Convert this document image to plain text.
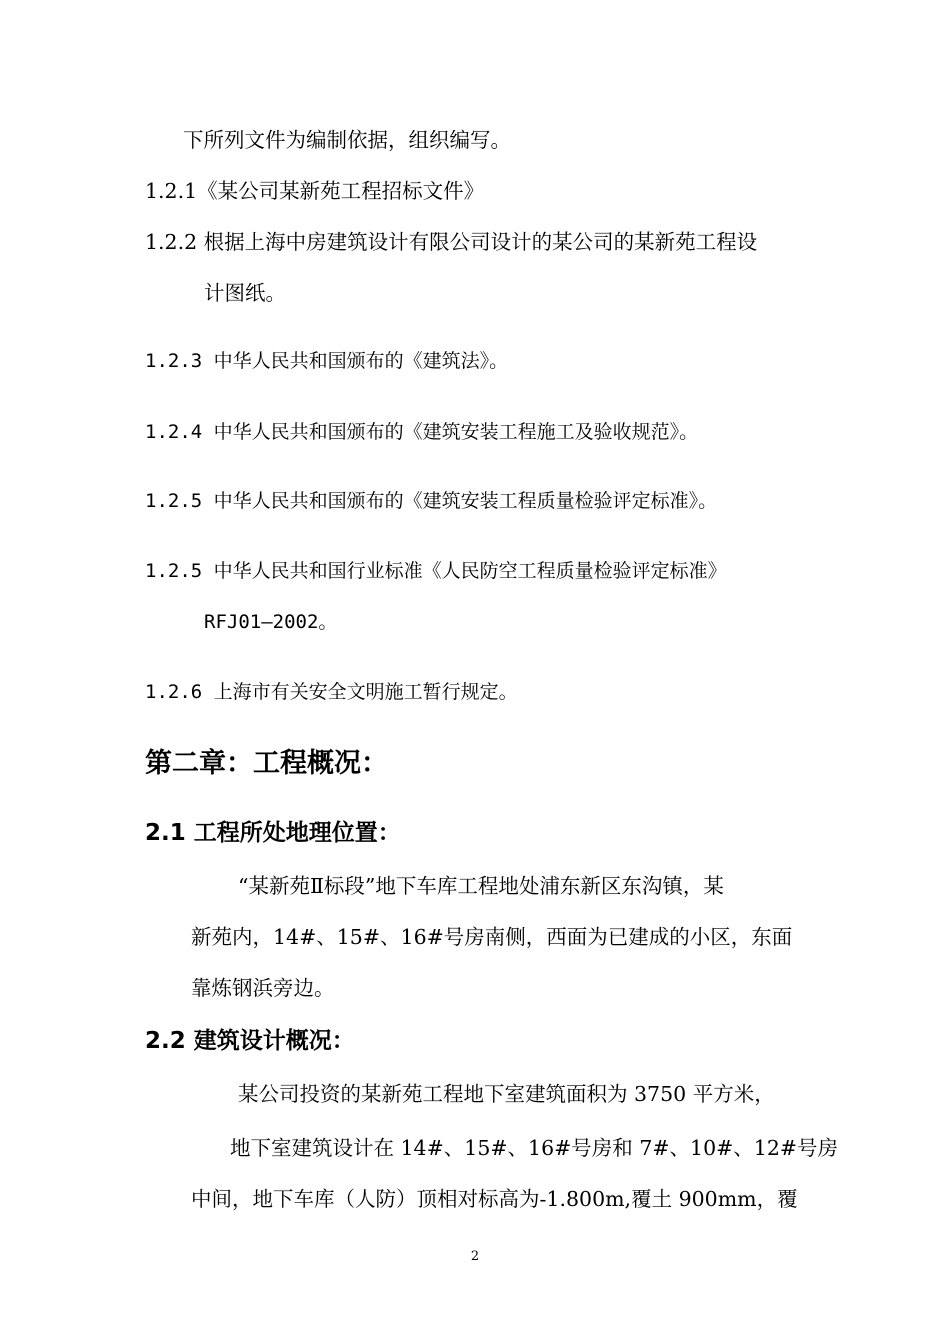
下所列文件为编制依据，组织编写。
1.2.1《某公司某新苑工程招标文件》
1.2.2 根据上海中房建筑设计有限公司设计的某公司的某新苑工程设
计图纸。
1.2.3 中华人民共和国颁布的《建筑法》。
1.2.4 中华人民共和国颁布的《建筑安装工程施工及验收规范》。
1.2.5 中华人民共和国颁布的《建筑安装工程质量检验评定标准》。
1.2.5 中华人民共和国行业标准《人民防空工程质量检验评定标准》
RFJ01—2002。
1.2.6 上海市有关安全文明施工暂行规定。
第二章：工程概况：
2.1 工程所处地理位置：
“某新苑Ⅱ标段”地下车库工程地处浦东新区东沟镇，某
新苑内，14#、15#、16#号房南侧，西面为已建成的小区，东面
靠炼钢浜旁边。
2.2 建筑设计概况：
某公司投资的某新苑工程地下室建筑面积为 3750 平方米，
地下室建筑设计在 14#、15#、16#号房和 7#、10#、12#号房
中间，地下车库（人防）顶相对标高为-1.800m,覆土 900mm，覆
2
